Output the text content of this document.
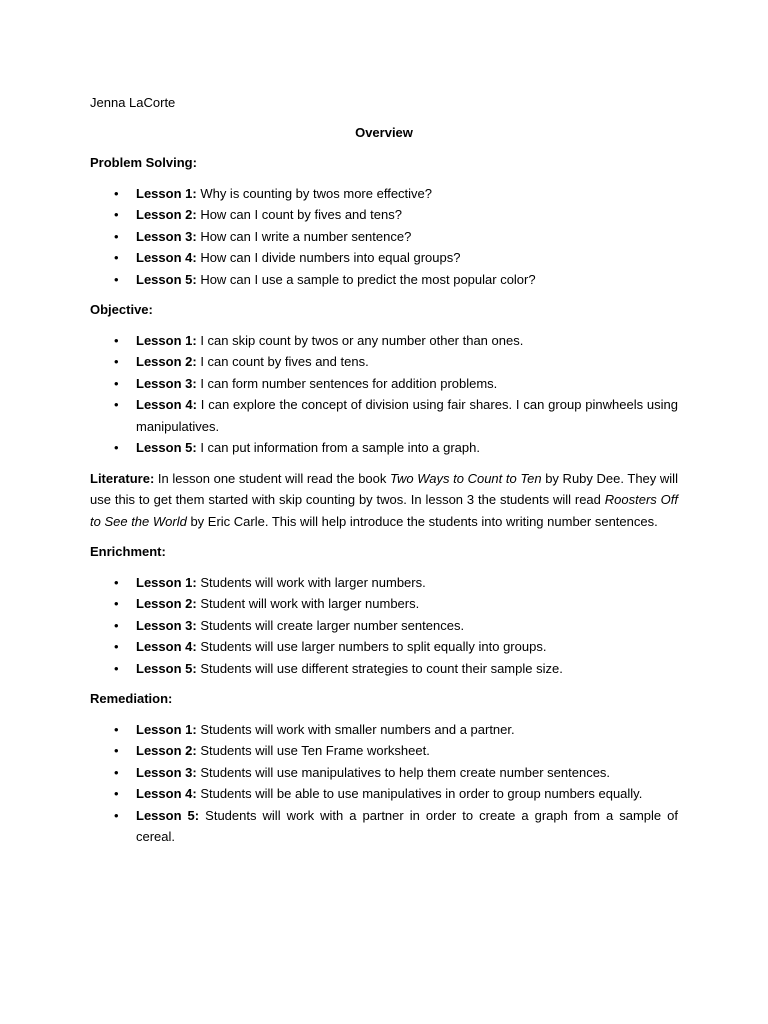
Jenna LaCorte
Overview
Problem Solving:
• Lesson 1: Why is counting by twos more effective?
• Lesson 2: How can I count by fives and tens?
• Lesson 3: How can I write a number sentence?
• Lesson 4: How can I divide numbers into equal groups?
• Lesson 5: How can I use a sample to predict the most popular color?
Objective:
• Lesson 1: I can skip count by twos or any number other than ones.
• Lesson 2: I can count by fives and tens.
• Lesson 3: I can form number sentences for addition problems.
• Lesson 4: I can explore the concept of division using fair shares. I can group pinwheels using manipulatives.
• Lesson 5: I can put information from a sample into a graph.

Literature: In lesson one student will read the book Two Ways to Count to Ten by Ruby Dee. They will use this to get them started with skip counting by twos. In lesson 3 the students will read Roosters Off to See the World by Eric Carle. This will help introduce the students into writing number sentences.

Enrichment:
• Lesson 1: Students will work with larger numbers.
• Lesson 2: Student will work with larger numbers.
• Lesson 3: Students will create larger number sentences.
• Lesson 4: Students will use larger numbers to split equally into groups.
• Lesson 5: Students will use different strategies to count their sample size.
Remediation:
• Lesson 1: Students will work with smaller numbers and a partner.
• Lesson 2: Students will use Ten Frame worksheet.
• Lesson 3: Students will use manipulatives to help them create number sentences.
• Lesson 4: Students will be able to use manipulatives in order to group numbers equally.
• Lesson 5: Students will work with a partner in order to create a graph from a sample of cereal.
